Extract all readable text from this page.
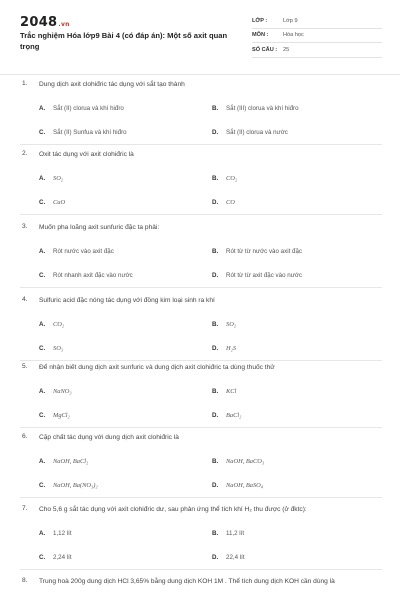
2048.vn
Trắc nghiệm Hóa lớp9 Bài 4 (có đáp án): Một số axit quan trọng
LỚP :	Lớp 9
MÔN :	Hóa học
SỐ CÂU :	25
1. Dung dịch axit clohiđric tác dụng với sắt tạo thành
A.	Sắt (II) clorua và khí hiđro	B.	Sắt (III) clorua và khí hiđro
C.	Sắt (II) Sunfua và khí hiđro	D.	Sắt (II) clorua và nước
2. Oxit tác dụng với axit clohiđric là
A.	SO₂	B.	CO₂
C.	CuO	D.	CO
3. Muốn pha loãng axit sunfuric đặc ta phải:
A.	Rót nước vào axit đặc	B.	Rót từ từ nước vào axit đặc
C.	Rót nhanh axit đặc vào nước	D.	Rót từ từ axit đặc vào nước
4. Sulfuric acid đặc nóng tác dụng với đồng kim loại sinh ra khí
A.	CO₂	B.	SO₂
C.	SO₃	D.	H₂S
5. Để nhận biết dung dịch axit sunfuric và dung dịch axit clohiđric ta dùng thuốc thử
A.	NaNO₃	B.	KCl
C.	MgCl₂	D.	BaCl₂
6. Cặp chất tác dụng với dung dịch axit clohiđric là
A.	NaOH, BaCl₂	B.	NaOH, BaCO₃
C.	NaOH, Ba(NO₃)₂	D.	NaOH, BaSO₄
7. Cho 5,6 g sắt tác dụng với axit clohiđric dư, sau phản ứng thể tích khí H₂ thu được (ở đktc):
A.	1,12 lít	B.	11,2 lít
C.	2,24 lít	D.	22,4 lít
8. Trung hoà 200g dung dịch HCl 3,65% bằng dung dịch KOH 1M . Thể tích dung dịch KOH cần dùng là
